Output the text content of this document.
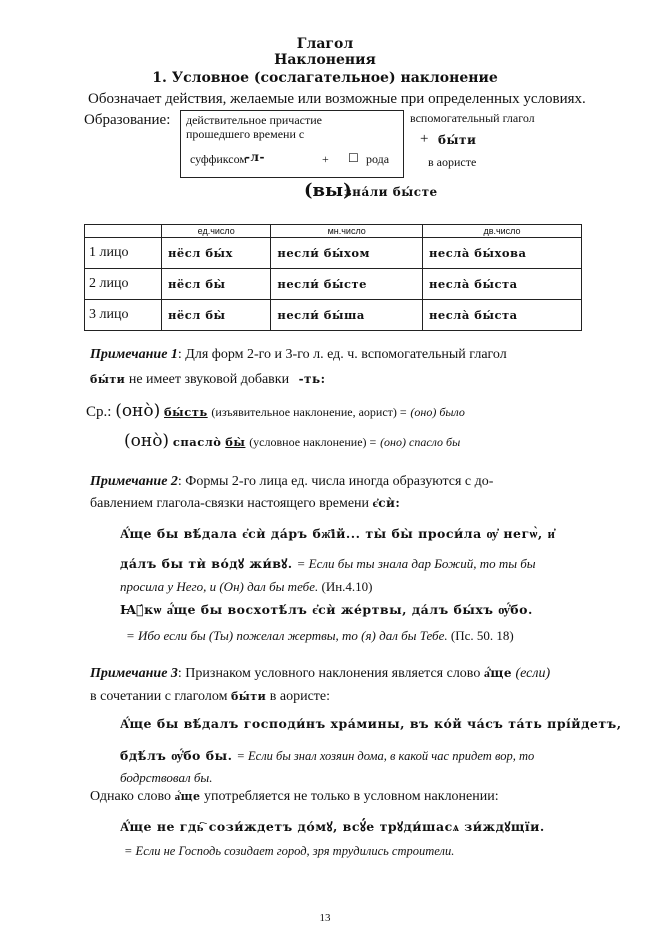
Глагол
Наклонения
1. Условное (сослагательное) наклонение
Обозначает действия, желаемые или возможные при определенных условиях.
Образование: действительное причастие
прошедшего времени с
суффиксом
-л-	+ ☐ рода
вспомогательный глагол
+ бы́ти
в аористе
(вы)
зна́ли бы́сте
	ед.число	мн.число	дв.число
1 лицо	нёсл бы́х	несли́ бы́хом	несла̀ бы́хова
2 лицо	нёсл бы̀	несли́ бы́сте	несла̀ бы́ста
3 лицо	нёсл бы̀	несли́ бы́ша	несла̀ бы́ста
Примечание 1: Для форм 2-го и 3-го л. ед. ч. вспомогательный глагол
бы́ти не имеет звуковой добавки -ть:
Ср.: (оно̀) бы́сть (изъявительное наклонение, аорист) = (оно) было
(оно̀) спасло̀ бы̀ (условное наклонение) = (оно) спасло бы
Примечание 2: Формы 2-го лица ед. числа иногда образуются с до-
бавлением глагола-связки настоящего времени є҆сѝ:
А҆́ще бы вѣ́дала є҆сѝ да́ръ бж҃ій... ты̀ бы̀ проси́ла ѹ҆ негѡ̀, и҆
да́лъ бы тѝ во́дꙋ жи́вꙋ. = Если бы ты знала дар Божий, то ты бы
просила у Него, и (Он) дал бы тебе. (Ин.4.10)
Ꙗ҆́кѡ а҆́ще бы восхотѣ́лъ є҆сѝ же́ртвы, да́лъ бы́хъ ѹ҆́бо.
= Ибо если бы (Ты) пожелал жертвы, то (я) дал бы Тебе. (Пс. 50. 18)
Примечание 3: Признаком условного наклонения является слово а҆́ще (если)
в сочетании с глаголом бы́ти в аористе:
А҆́ще бы вѣ́далъ господи́нъ хра́мины, въ ко́й ча́съ та́ть прі́йдетъ,
бдѣ́лъ ѹ҆́бо бы. = Если бы знал хозяин дома, в какой час придет вор, то
бодрствовал бы.
Однако слово а҆́ще употребляется не только в условном наклонении:
А҆́ще не гдь҇ сози́ждетъ до́мꙋ, всꙋ́е трꙋди́шасѧ зи́ждꙋщїи.
= Если не Господь созидает город, зря трудились строители.
13
